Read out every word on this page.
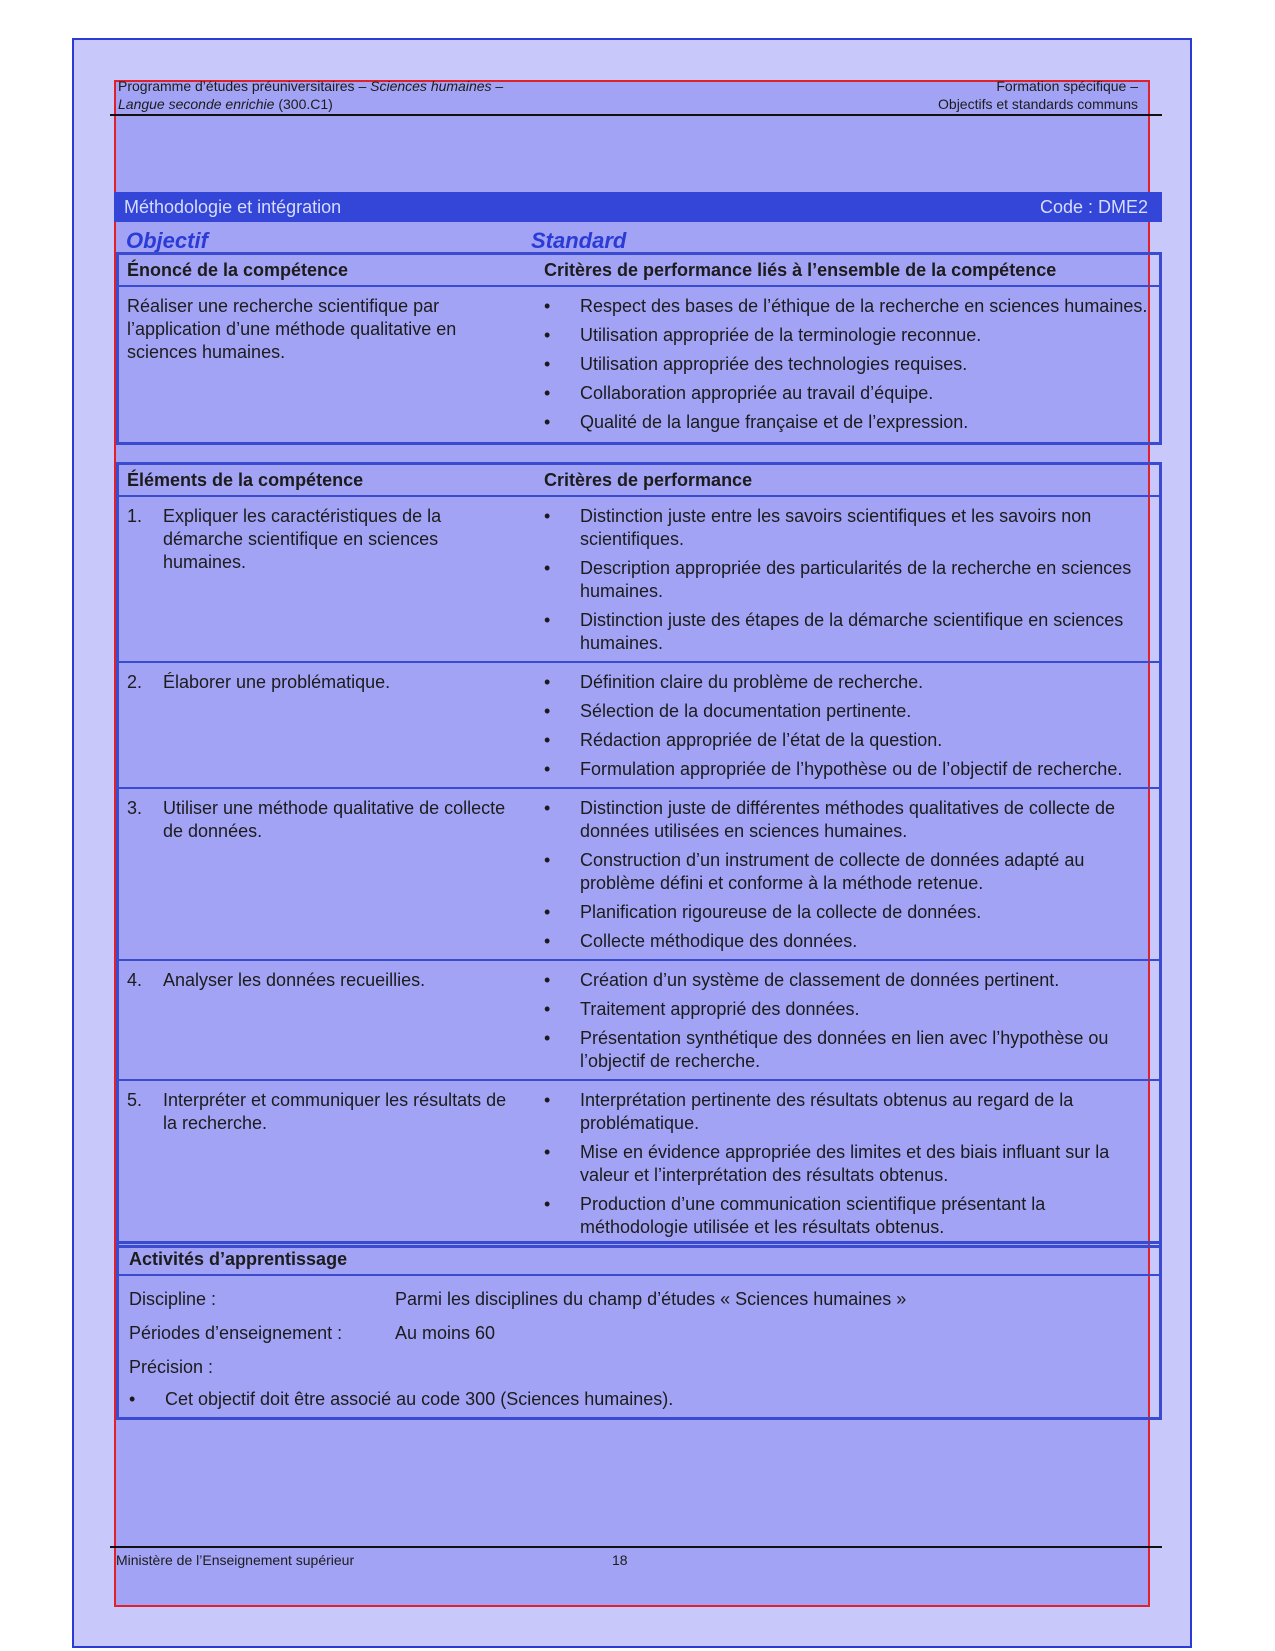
Programme d’études préuniversitaires – Sciences humaines –	Formation spécifique –
Langue seconde enrichie (300.C1)	Objectifs et standards communs
Méthodologie et intégration	Code : DME2
Objectif	Standard
Énoncé de la compétence	Critères de performance liés à l’ensemble de la compétence
Réaliser une recherche scientifique par l’application d’une méthode qualitative en sciences humaines.
• Respect des bases de l’éthique de la recherche en sciences humaines.
• Utilisation appropriée de la terminologie reconnue.
• Utilisation appropriée des technologies requises.
• Collaboration appropriée au travail d’équipe.
• Qualité de la langue française et de l’expression.
Éléments de la compétence	Critères de performance
1.	Expliquer les caractéristiques de la démarche scientifique en sciences humaines.
• Distinction juste entre les savoirs scientifiques et les savoirs non scientifiques.
• Description appropriée des particularités de la recherche en sciences humaines.
• Distinction juste des étapes de la démarche scientifique en sciences humaines.
2.	Élaborer une problématique.	• Définition claire du problème de recherche.
• Sélection de la documentation pertinente.
• Rédaction appropriée de l’état de la question.
• Formulation appropriée de l’hypothèse ou de l’objectif de recherche.
3.	Utiliser une méthode qualitative de collecte de données.
• Distinction juste de différentes méthodes qualitatives de collecte de données utilisées en sciences humaines.
• Construction d’un instrument de collecte de données adapté au problème défini et conforme à la méthode retenue.
• Planification rigoureuse de la collecte de données.
• Collecte méthodique des données.
4.	Analyser les données recueillies.	• Création d’un système de classement de données pertinent.
• Traitement approprié des données.
• Présentation synthétique des données en lien avec l’hypothèse ou l’objectif de recherche.
5.	Interpréter et communiquer les résultats de la recherche.
• Interprétation pertinente des résultats obtenus au regard de la problématique.
• Mise en évidence appropriée des limites et des biais influant sur la valeur et l’interprétation des résultats obtenus.
• Production d’une communication scientifique présentant la méthodologie utilisée et les résultats obtenus.
Activités d’apprentissage
Discipline :	Parmi les disciplines du champ d’études « Sciences humaines »
Périodes d’enseignement :	Au moins 60
Précision :
• Cet objectif doit être associé au code 300 (Sciences humaines).
Ministère de l’Enseignement supérieur	18
